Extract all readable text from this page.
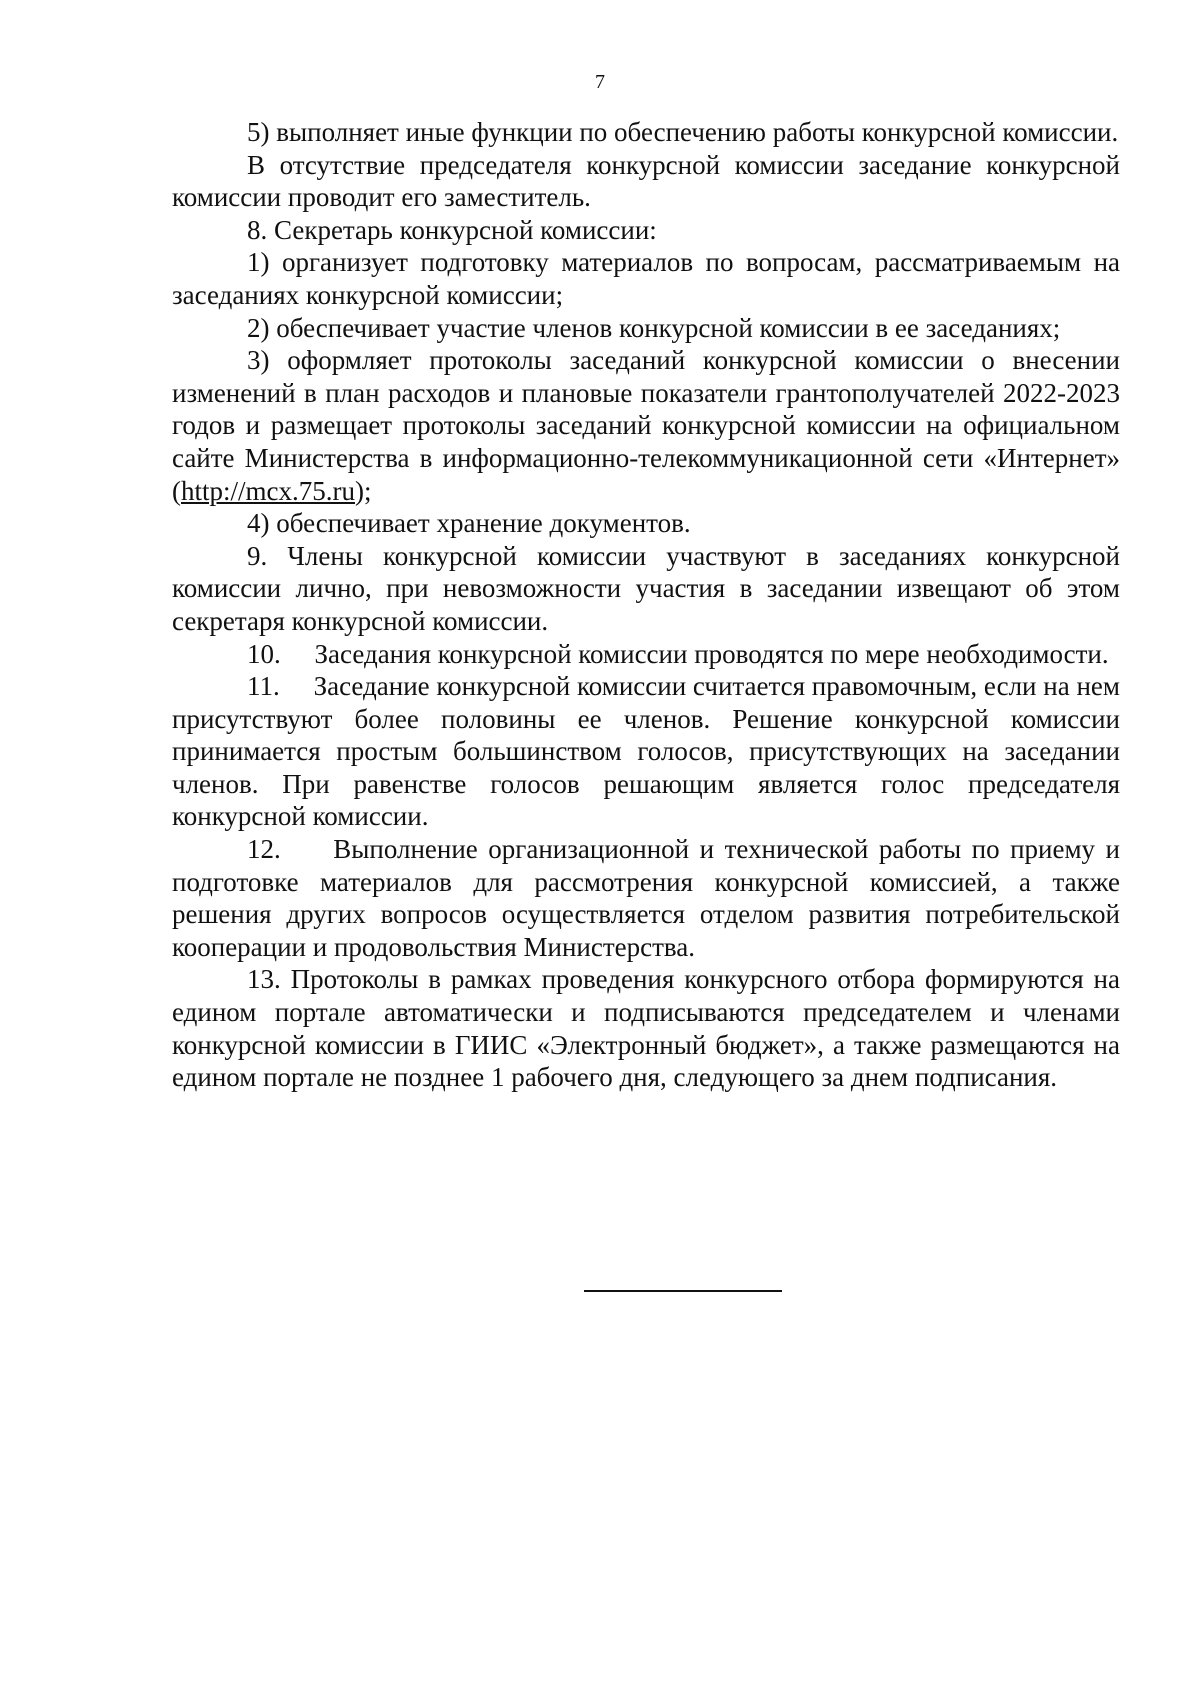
7

5) выполняет иные функции по обеспечению работы конкурсной комиссии.

В отсутствие председателя конкурсной комиссии заседание конкурсной комиссии проводит его заместитель.

8. Секретарь конкурсной комиссии:

1) организует подготовку материалов по вопросам, рассматриваемым на заседаниях конкурсной комиссии;

2) обеспечивает участие членов конкурсной комиссии в ее заседаниях;

3) оформляет протоколы заседаний конкурсной комиссии о внесении изменений в план расходов и плановые показатели грантополучателей 2022-2023 годов и размещает протоколы заседаний конкурсной комиссии на официальном сайте Министерства в информационно-телекоммуникационной сети «Интернет» (http://mcx.75.ru);

4) обеспечивает хранение документов.

9. Члены конкурсной комиссии участвуют в заседаниях конкурсной комиссии лично, при невозможности участия в заседании извещают об этом секретаря конкурсной комиссии.

10.     Заседания конкурсной комиссии проводятся по мере необходимости.

11.     Заседание конкурсной комиссии считается правомочным, если на нем присутствуют более половины ее членов. Решение конкурсной комиссии принимается простым большинством голосов, присутствующих на заседании членов. При равенстве голосов решающим является голос председателя конкурсной комиссии.

12.     Выполнение организационной и технической работы по приему и подготовке материалов для рассмотрения конкурсной комиссией, а также решения других вопросов осуществляется отделом развития потребительской кооперации и продовольствия Министерства.

13. Протоколы в рамках проведения конкурсного отбора формируются на едином портале автоматически и подписываются председателем и членами конкурсной комиссии в ГИИС «Электронный бюджет», а также размещаются на едином портале не позднее 1 рабочего дня, следующего за днем подписания.
